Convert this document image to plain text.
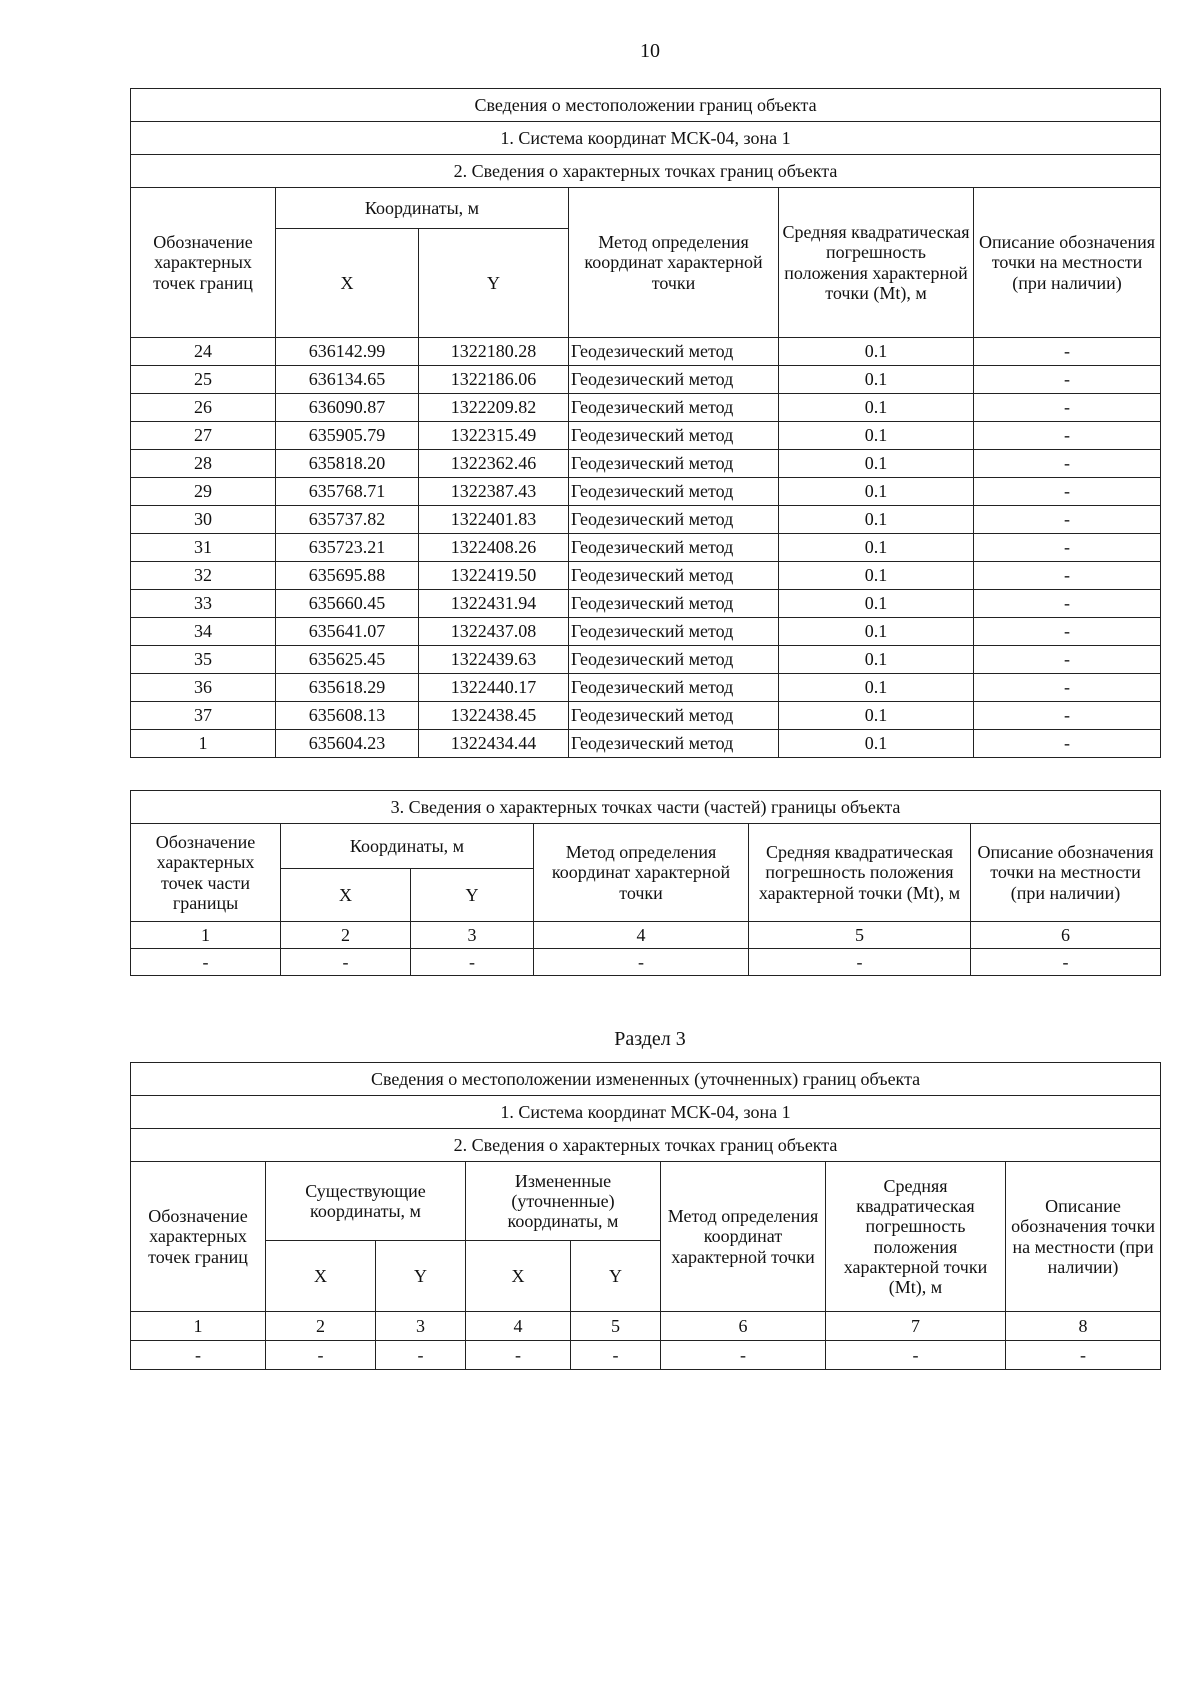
10
Сведения о местоположении границ объекта					
1. Система координат МСК-04, зона 1					
2. Сведения о характерных точках границ объекта					
Обозначение характерных точек границ	Координаты, м		Метод определения координат характерной точки	Средняя квадратическая погрешность положения характерной точки (Mt), м	Описание обозначения точки на местности (при наличии)
	X	Y			
24	636142.99	1322180.28	Геодезический метод	0.1	-
25	636134.65	1322186.06	Геодезический метод	0.1	-
26	636090.87	1322209.82	Геодезический метод	0.1	-
27	635905.79	1322315.49	Геодезический метод	0.1	-
28	635818.20	1322362.46	Геодезический метод	0.1	-
29	635768.71	1322387.43	Геодезический метод	0.1	-
30	635737.82	1322401.83	Геодезический метод	0.1	-
31	635723.21	1322408.26	Геодезический метод	0.1	-
32	635695.88	1322419.50	Геодезический метод	0.1	-
33	635660.45	1322431.94	Геодезический метод	0.1	-
34	635641.07	1322437.08	Геодезический метод	0.1	-
35	635625.45	1322439.63	Геодезический метод	0.1	-
36	635618.29	1322440.17	Геодезический метод	0.1	-
37	635608.13	1322438.45	Геодезический метод	0.1	-
1	635604.23	1322434.44	Геодезический метод	0.1	-
3. Сведения о характерных точках части (частей) границы объекта					
Обозначение характерных точек части границы	Координаты, м		Метод определения координат характерной точки	Средняя квадратическая погрешность положения характерной точки (Mt), м	Описание обозначения точки на местности (при наличии)
	X	Y			
1	2	3	4	5	6
-	-	-	-	-	-
Раздел 3
Сведения о местоположении измененных (уточненных) границ объекта							
1. Система координат МСК-04, зона 1							
2. Сведения о характерных точках границ объекта							
Обозначение характерных точек границ	Существующие координаты, м		Измененные (уточненные) координаты, м		Метод определения координат характерной точки	Средняя квадратическая погрешность положения характерной точки (Mt), м	Описание обозначения точки на местности (при наличии)
	X	Y	X	Y			
1	2	3	4	5	6	7	8
-	-	-	-	-	-	-	-
